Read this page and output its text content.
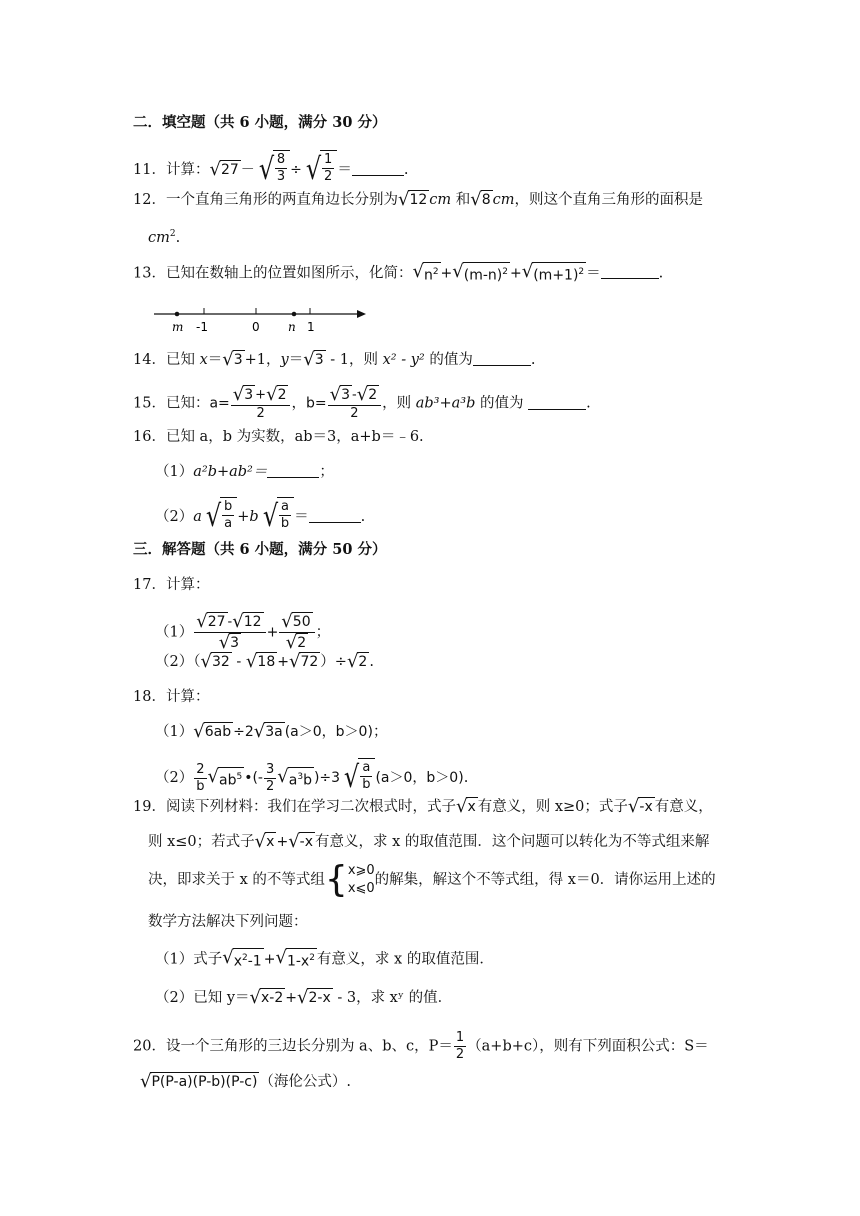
二．填空题（共 6 小题，满分 30 分）
11．计算： √ 27 － √ $\frac{8}{3}$ ÷ √ $\frac{1}{2}$ ＝	.
12．一个直角三角形的两直角边长分别为 √ 12 cm 和 √ 8 cm，则这个直角三角形的面积是
$cm^2$.
13．已知在数轴上的位置如图所示，化简： √ $n^2$ + √ $(m-n)^2$ + √ $(m+1)^2$ ＝	.
m -1	0 n 1
14．已知 x＝ √ 3 +1，y＝ √ 3 - 1，则 x² - y² 的值为	.
15．已知：$a= \frac{√ 3 + √ 2}{2}$ ，$b= \frac{√ 3 - √ 2}{2}$ ，则 ab³+a³b 的值为	.
16．已知 a，b 为实数，ab＝3，a+b＝﹣6.
（1）a²b+ab²＝	；
（2）a √ $\frac{b}{a} +b$ √ $\frac{a}{b}$ ＝	.
三．解答题（共 6 小题，满分 50 分）
17．计算：
$(1) \frac{√ 27 - √ 12}{√ 3} + \frac{√ 50}{√ 2}$ ；
（2）（ √ 32 - √ 18 + √ 72 ）÷ √ 2 .
18．计算：
（1） √ 6ab ÷2 √ 3a (a＞0，b＞0)；
$(2) \frac{2}{b}$ √ $ab^5$ •(- $\frac{3}{2}$ √ $a^3b$ )÷3 √ $\frac{a}{b} (a>0$，b＞0).
19．阅读下列材料：我们在学习二次根式时，式子 √ x 有意义，则 x≥0；式子 √ -x 有意义，
则 x≤0；若式子 √ x + √ -x 有意义，求 x 的取值范围．这个问题可以转化为不等式组来解
决，即求关于 x 的不等式组{ x⩾0
x⩽0
的解集，解这个不等式组，得 x＝0．请你运用上述的
数学方法解决下列问题：
（1）式子 √ $x^2-1$ + √ $1-x^2$ 有意义，求 x 的取值范围．
（2）已知 y＝ √ x-2 + √ 2-x - 3，求 xʸ 的值．
20．设一个三角形的三边长分别为 a、b、c，$P= \frac{1}{2} (a+b+c)$，则有下列面积公式：S＝
√ P(P-a)(P-b)(P-c) （海伦公式）.
